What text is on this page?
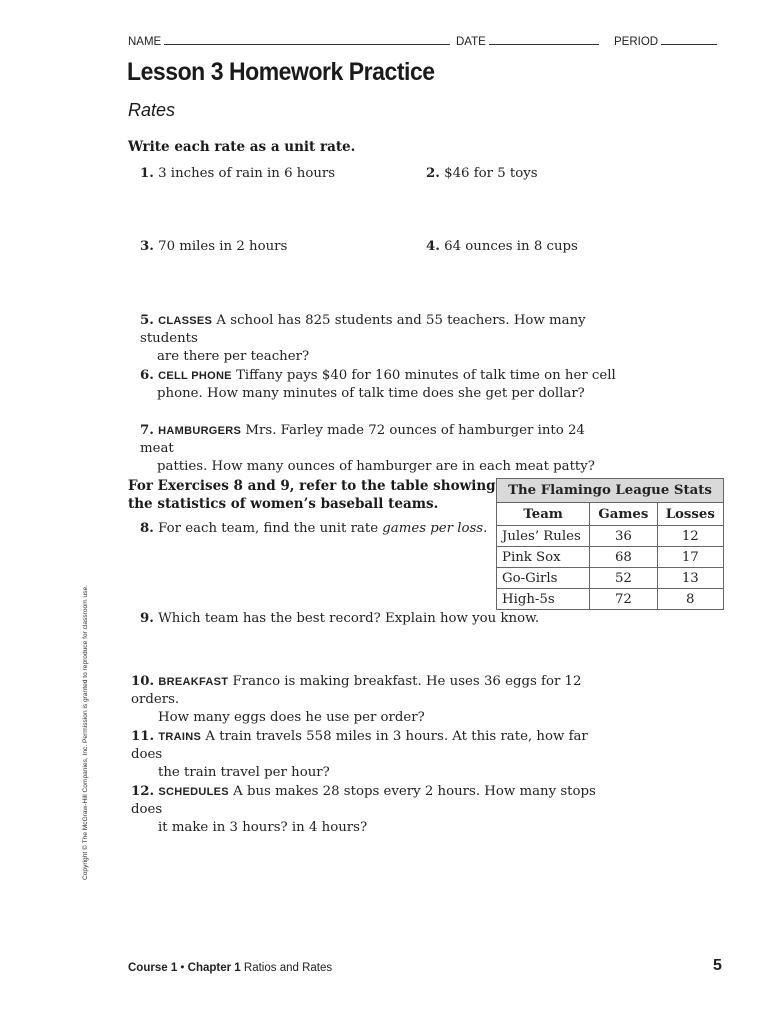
NAME	DATE	PERIOD
Lesson 3 Homework Practice
Rates
Write each rate as a unit rate.
1. 3 inches of rain in 6 hours	2. $46 for 5 toys
3. 70 miles in 2 hours	4. 64 ounces in 8 cups
5. CLASSES A school has 825 students and 55 teachers. How many students
are there per teacher?
6. CELL PHONE Tiffany pays $40 for 160 minutes of talk time on her cell
phone. How many minutes of talk time does she get per dollar?
7. HAMBURGERS Mrs. Farley made 72 ounces of hamburger into 24 meat
patties. How many ounces of hamburger are in each meat patty?
For Exercises 8 and 9, refer to the table showing
the statistics of women’s baseball teams.
8. For each team, find the unit rate games per loss.
The Flamingo League Stats		
Team	Games	Losses
Jules’ Rules	36	12
Pink Sox	68	17
Go-Girls	52	13
High-5s	72	8
9. Which team has the best record? Explain how you know.
10. BREAKFAST Franco is making breakfast. He uses 36 eggs for 12 orders.
How many eggs does he use per order?
11. TRAINS A train travels 558 miles in 3 hours. At this rate, how far does
the train travel per hour?
12. SCHEDULES A bus makes 28 stops every 2 hours. How many stops does
it make in 3 hours? in 4 hours?
Copyright © The McGraw-Hill Companies, Inc. Permission is granted to reproduce for classroom use.
Course 1 • Chapter 1 Ratios and Rates	5
